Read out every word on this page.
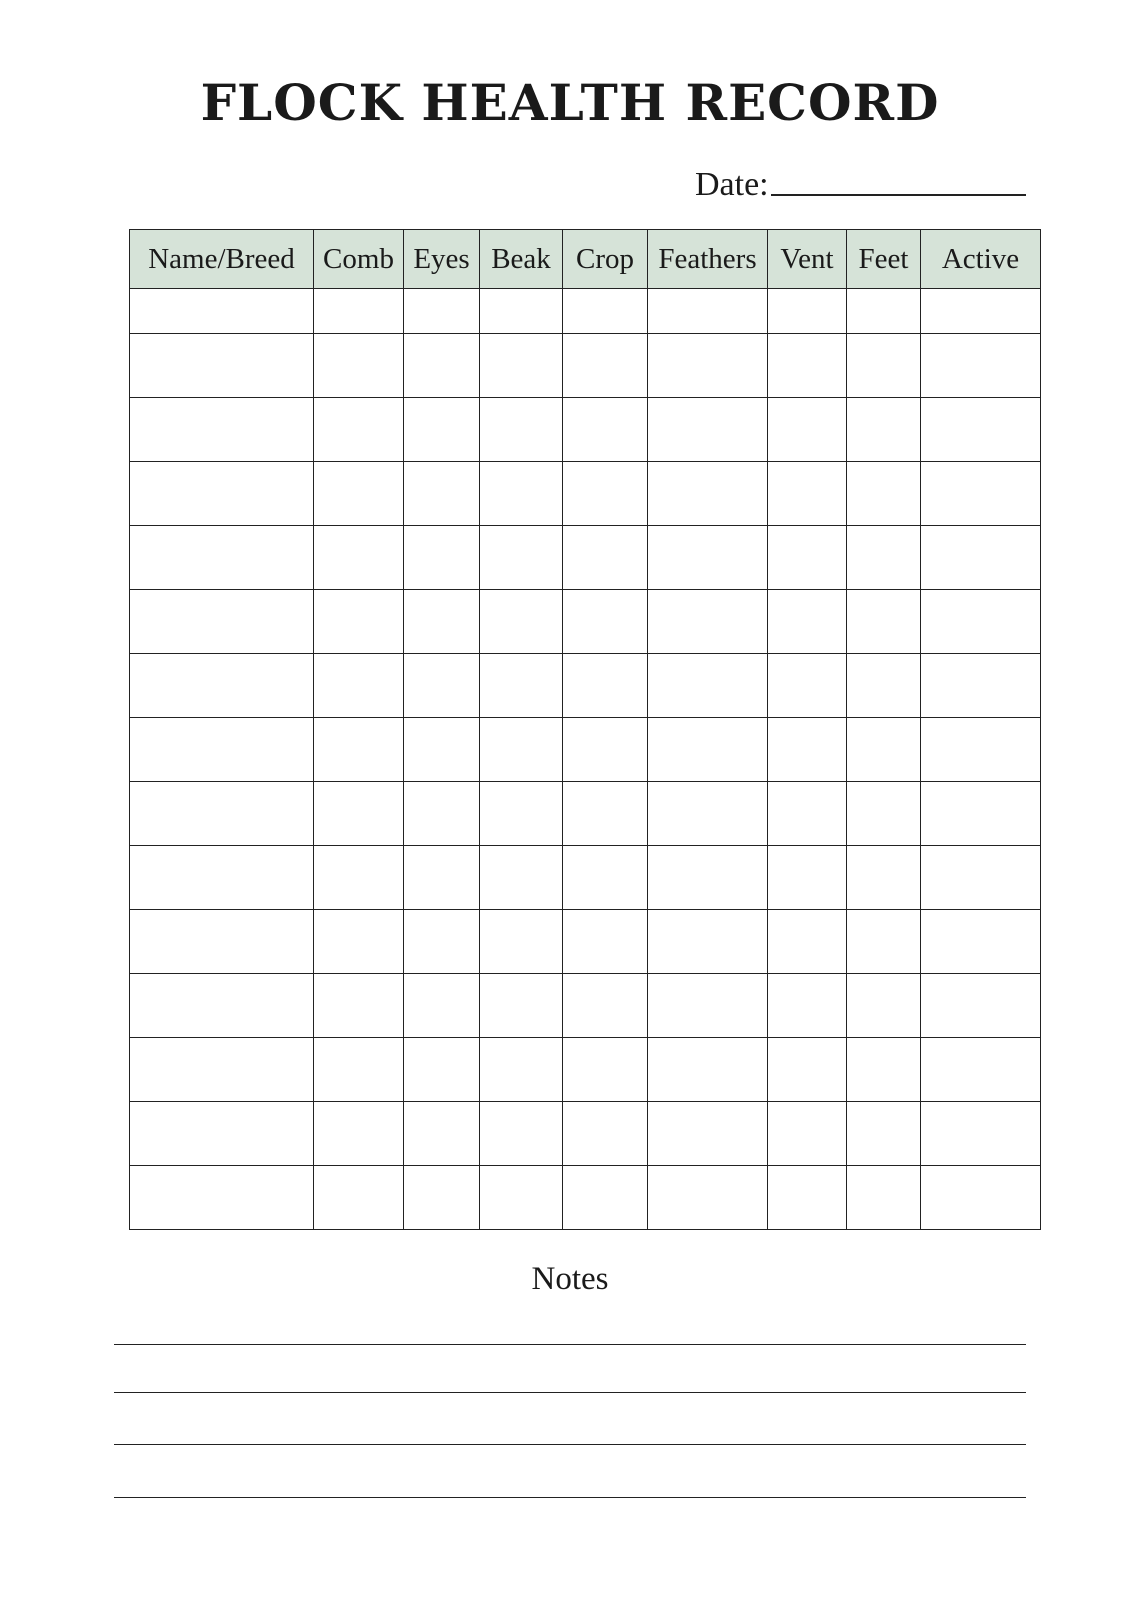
FLOCK HEALTH RECORD
Date:
Name/Breed	Comb	Eyes	Beak	Crop	Feathers	Vent	Feet	Active

Notes
